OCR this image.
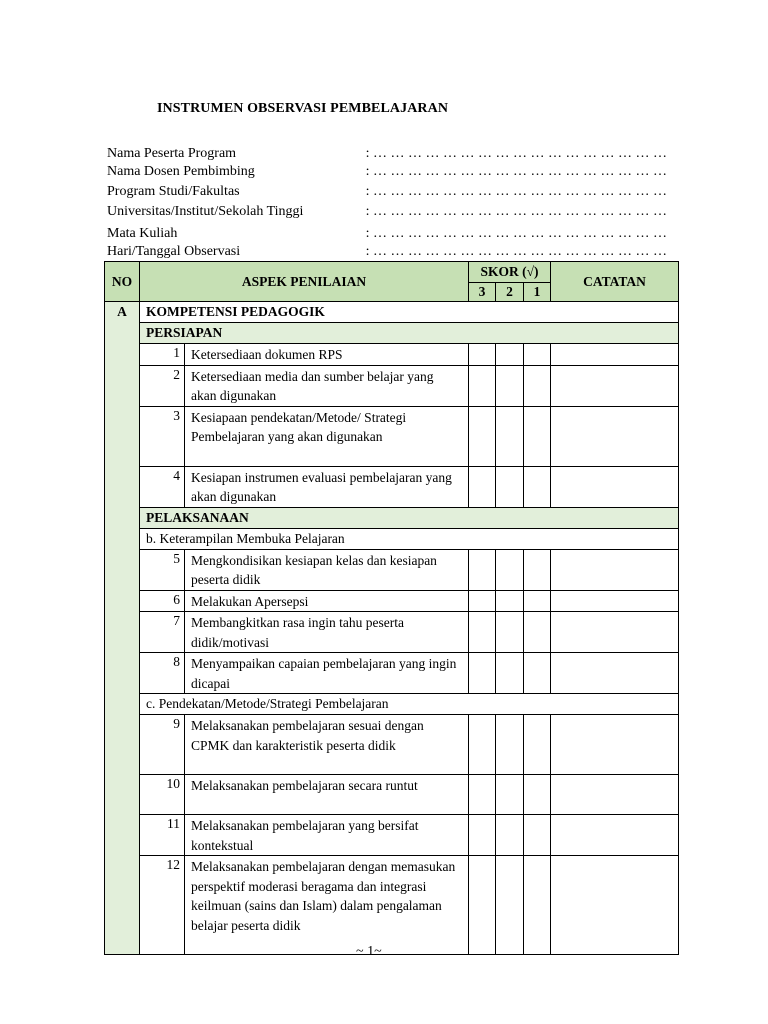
INSTRUMEN OBSERVASI PEMBELAJARAN
Nama Peserta Program	: … … … … … … … … … … … … … … … … …
Nama Dosen Pembimbing	: … … … … … … … … … … … … … … … … …
Program Studi/Fakultas	: … … … … … … … … … … … … … … … … …
Universitas/Institut/Sekolah Tinggi	: … … … … … … … … … … … … … … … … …
Mata Kuliah	: … … … … … … … … … … … … … … … … …
Hari/Tanggal Observasi	: … … … … … … … … … … … … … … … … …
NO	ASPEK PENILAIAN		SKOR (√)			CATATAN
			3	2	1	
A	KOMPETENSI PEDAGOGIK					
	PERSIAPAN					
	1	Ketersediaan dokumen RPS				
	2	Ketersediaan media dan sumber belajar yang akan digunakan				
	3	Kesiapaan pendekatan/Metode/ Strategi Pembelajaran yang akan digunakan				
	4	Kesiapan instrumen evaluasi pembelajaran yang akan digunakan				
	PELAKSANAAN					
	b. Keterampilan Membuka Pelajaran					
	5	Mengkondisikan kesiapan kelas dan kesiapan peserta didik				
	6	Melakukan Apersepsi				
	7	Membangkitkan rasa ingin tahu peserta didik/motivasi				
	8	Menyampaikan capaian pembelajaran yang ingin dicapai				
	c. Pendekatan/Metode/Strategi Pembelajaran					
	9	Melaksanakan pembelajaran sesuai dengan CPMK dan karakteristik peserta didik				
	10	Melaksanakan pembelajaran secara runtut				
	11	Melaksanakan pembelajaran yang bersifat kontekstual				
	12	Melaksanakan pembelajaran dengan memasukan perspektif moderasi beragama dan integrasi keilmuan (sains dan Islam) dalam pengalaman belajar peserta didik				
~ 1~
